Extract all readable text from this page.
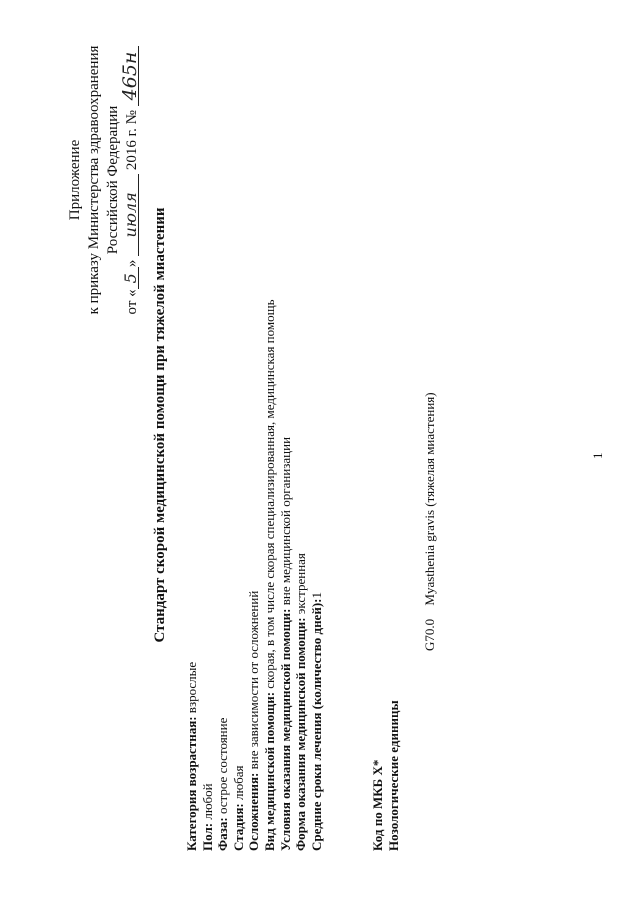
Приложение к приказу Министерства здравоохранения Российской Федерации
от «5» июля 2016 г. № 465н
Стандарт скорой медицинской помощи при тяжелой миастении
Категория возрастная: взрослые
Пол: любой
Фаза: острое состояние
Стадия: любая Осложнения: вне зависимости от осложнений Вид медицинской помощи: скорая, в том числе скорая специализированная, медицинская помощь
Условия оказания медицинской помощи: вне медицинской организации
Форма оказания медицинской помощи: экстренная
Средние сроки лечения (количество дней):1
Код по МКБ X* Нозологические единицы
G70.0 Myasthenia gravis (тяжелая миастения)	1
